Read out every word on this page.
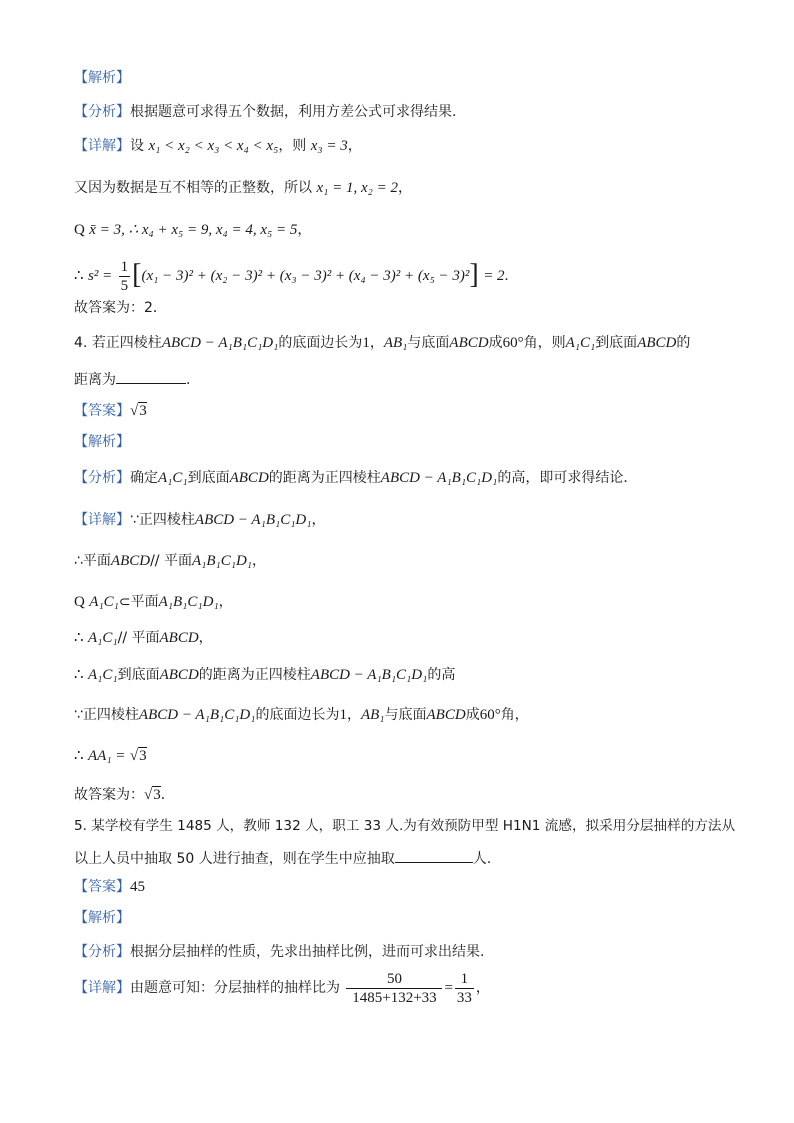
【解析】
【分析】根据题意可求得五个数据，利用方差公式可求得结果.
【详解】设 x₁ < x₂ < x₃ < x₄ < x₅，则 x₃ = 3，
又因为数据是互不相等的正整数，所以 x₁ = 1, x₂ = 2，
Q x̄ = 3, ∴ x₄ + x₅ = 9, x₄ = 4, x₅ = 5，
∴ $s^2 = \frac{1}{5} [(x_1 - 3)^2 + (x_2 - 3)^2 + (x_3 - 3)^2 + (x_4 - 3)^2 + (x_5 - 3)^2] = 2$.
故答案为：2．
4. 若正四棱柱ABCD − A₁B₁C₁D₁的底面边长为1，AB₁与底面ABCD成60°角，则A₁C₁到底面ABCD的
距离为	.
【答案】√3
【解析】
【分析】确定A₁C₁到底面ABCD的距离为正四棱柱ABCD − A₁B₁C₁D₁的高，即可求得结论．
【详解】∵正四棱柱ABCD − A₁B₁C₁D₁，
∴平面ABCD// 平面A₁B₁C₁D₁，
Q A₁C₁⊂平面A₁B₁C₁D₁，
∴ A₁C₁// 平面ABCD，
∴ A₁C₁到底面ABCD的距离为正四棱柱ABCD − A₁B₁C₁D₁的高
∵正四棱柱ABCD − A₁B₁C₁D₁的底面边长为1，AB₁与底面ABCD成60°角，
∴ AA₁ = √3
故答案为：√3．
5. 某学校有学生 1485 人，教师 132 人，职工 33 人.为有效预防甲型 H1N1 流感，拟采用分层抽样的方法从
以上人员中抽取 50 人进行抽查，则在学生中应抽取	人.
【答案】45
【解析】
【分析】根据分层抽样的性质，先求出抽样比例，进而可求出结果.
【详解】由题意可知：分层抽样的抽样比为 $\frac{50}{1485+132+33} = \frac{1}{33}$ ，
